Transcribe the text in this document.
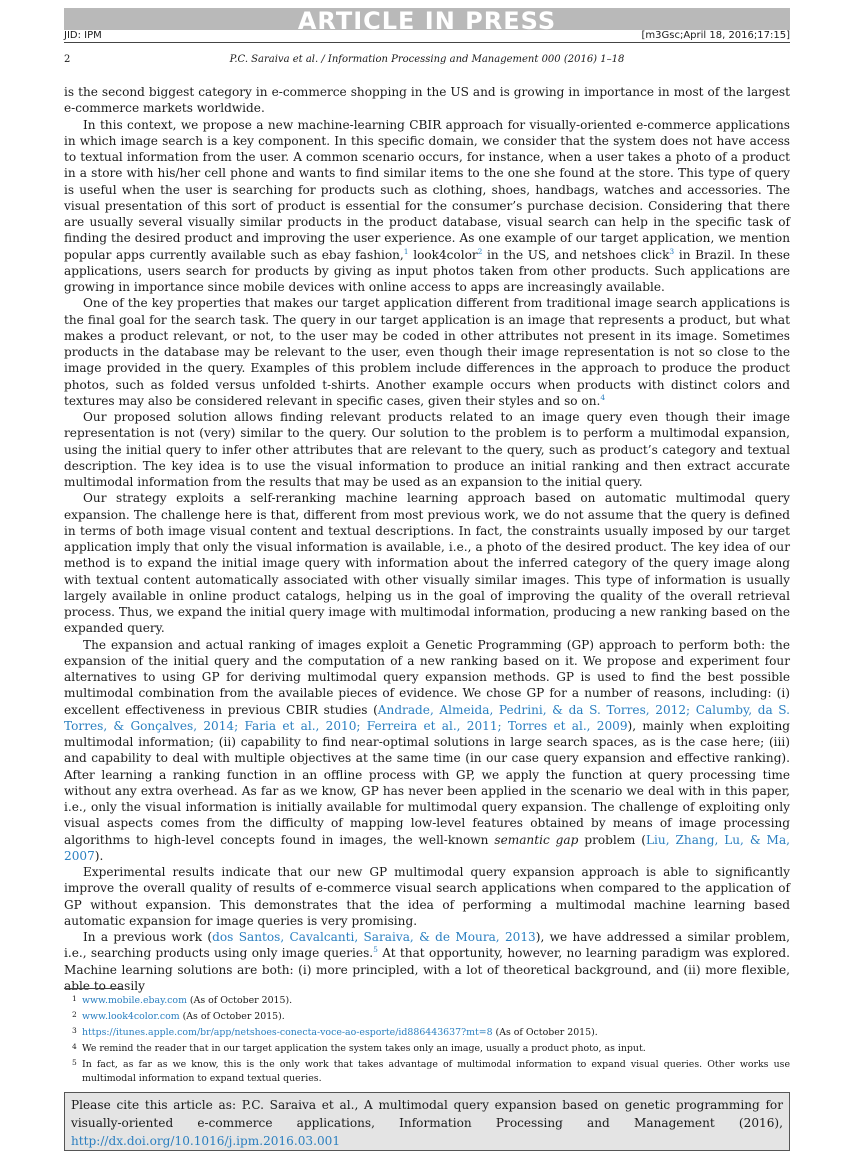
ARTICLE IN PRESS
JID: IPM	[m3Gsc;April 18, 2016;17:15]
2	P.C. Saraiva et al. / Information Processing and Management 000 (2016) 1–18

is the second biggest category in e-commerce shopping in the US and is growing in importance in most of the largest e-commerce markets worldwide.

In this context, we propose a new machine-learning CBIR approach for visually-oriented e-commerce applications in which image search is a key component. In this specific domain, we consider that the system does not have access to textual information from the user. A common scenario occurs, for instance, when a user takes a photo of a product in a store with his/her cell phone and wants to find similar items to the one she found at the store. This type of query is useful when the user is searching for products such as clothing, shoes, handbags, watches and accessories. The visual presentation of this sort of product is essential for the consumer’s purchase decision. Considering that there are usually several visually similar products in the product database, visual search can help in the specific task of finding the desired product and improving the user experience. As one example of our target application, we mention popular apps currently available such as ebay fashion,$^1$ look4color$^2$ in the US, and netshoes click$^3$ in Brazil. In these applications, users search for products by giving as input photos taken from other products. Such applications are growing in importance since mobile devices with online access to apps are increasingly available.

One of the key properties that makes our target application different from traditional image search applications is the final goal for the search task. The query in our target application is an image that represents a product, but what makes a product relevant, or not, to the user may be coded in other attributes not present in its image. Sometimes products in the database may be relevant to the user, even though their image representation is not so close to the image provided in the query. Examples of this problem include differences in the approach to produce the product photos, such as folded versus unfolded t-shirts. Another example occurs when products with distinct colors and textures may also be considered relevant in specific cases, given their styles and so on.$^4$

Our proposed solution allows finding relevant products related to an image query even though their image representation is not (very) similar to the query. Our solution to the problem is to perform a multimodal expansion, using the initial query to infer other attributes that are relevant to the query, such as product’s category and textual description. The key idea is to use the visual information to produce an initial ranking and then extract accurate multimodal information from the results that may be used as an expansion to the initial query.

Our strategy exploits a self-reranking machine learning approach based on automatic multimodal query expansion. The challenge here is that, different from most previous work, we do not assume that the query is defined in terms of both image visual content and textual descriptions. In fact, the constraints usually imposed by our target application imply that only the visual information is available, i.e., a photo of the desired product. The key idea of our method is to expand the initial image query with information about the inferred category of the query image along with textual content automatically associated with other visually similar images. This type of information is usually largely available in online product catalogs, helping us in the goal of improving the quality of the overall retrieval process. Thus, we expand the initial query image with multimodal information, producing a new ranking based on the expanded query.

The expansion and actual ranking of images exploit a Genetic Programming (GP) approach to perform both: the expansion of the initial query and the computation of a new ranking based on it. We propose and experiment four alternatives to using GP for deriving multimodal query expansion methods. GP is used to find the best possible multimodal combination from the available pieces of evidence. We chose GP for a number of reasons, including: (i) excellent effectiveness in previous CBIR studies (Andrade, Almeida, Pedrini, & da S. Torres, 2012; Calumby, da S. Torres, & Gonçalves, 2014; Faria et al., 2010; Ferreira et al., 2011; Torres et al., 2009), mainly when exploiting multimodal information; (ii) capability to find near-optimal solutions in large search spaces, as is the case here; (iii) and capability to deal with multiple objectives at the same time (in our case query expansion and effective ranking). After learning a ranking function in an offline process with GP, we apply the function at query processing time without any extra overhead. As far as we know, GP has never been applied in the scenario we deal with in this paper, i.e., only the visual information is initially available for multimodal query expansion. The challenge of exploiting only visual aspects comes from the difficulty of mapping low-level features obtained by means of image processing algorithms to high-level concepts found in images, the well-known semantic gap problem (Liu, Zhang, Lu, & Ma, 2007).

Experimental results indicate that our new GP multimodal query expansion approach is able to significantly improve the overall quality of results of e-commerce visual search applications when compared to the application of GP without expansion. This demonstrates that the idea of performing a multimodal machine learning based automatic expansion for image queries is very promising.

In a previous work (dos Santos, Cavalcanti, Saraiva, & de Moura, 2013), we have addressed a similar problem, i.e., searching products using only image queries.$^5$ At that opportunity, however, no learning paradigm was explored. Machine learning solutions are both: (i) more principled, with a lot of theoretical background, and (ii) more flexible, able to easily

1 www.mobile.ebay.com (As of October 2015).
2 www.look4color.com (As of October 2015).
3 https://itunes.apple.com/br/app/netshoes-conecta-voce-ao-esporte/id886443637?mt=8 (As of October 2015).
4 We remind the reader that in our target application the system takes only an image, usually a product photo, as input.
5 In fact, as far as we know, this is the only work that takes advantage of multimodal information to expand visual queries. Other works use multimodal information to expand textual queries.
Please cite this article as: P.C. Saraiva et al., A multimodal query expansion based on genetic programming for visually-oriented e-commerce applications, Information Processing and Management (2016), http://dx.doi.org/10.1016/j.ipm.2016.03.001
